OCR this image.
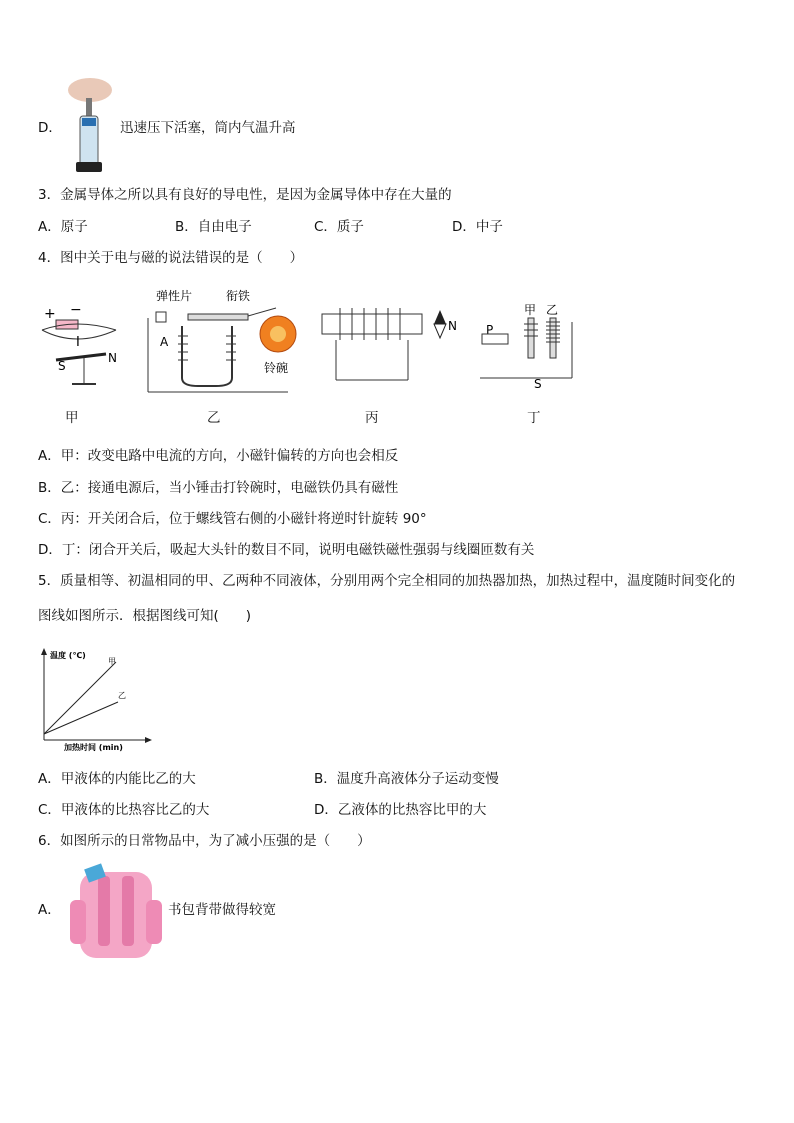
D．	迅速压下活塞，筒内气温升高
3．金属导体之所以具有良好的导电性，是因为金属导体中存在大量的
A．原子	B．自由电子	C．质子	D．中子
4．图中关于电与磁的说法错误的是（　　）
+ −
I
S
N
弹性片	衔铁
A
铃碗
N
甲 乙
P
S
甲	乙	丙	丁
A．甲：改变电路中电流的方向，小磁针偏转的方向也会相反
B．乙：接通电源后，当小锤击打铃碗时，电磁铁仍具有磁性
C．丙：开关闭合后，位于螺线管右侧的小磁针将逆时针旋转 90°
D．丁：闭合开关后，吸起大头针的数目不同，说明电磁铁磁性强弱与线圈匝数有关
5．质量相等、初温相同的甲、乙两种不同液体，分别用两个完全相同的加热器加热，加热过程中，温度随时间变化的
图线如图所示．根据图线可知(　　)
温度 (℃)
加热时间 (min)
甲
乙
A．甲液体的内能比乙的大	B．温度升高液体分子运动变慢
C．甲液体的比热容比乙的大	D．乙液体的比热容比甲的大
6．如图所示的日常物品中，为了减小压强的是（　　）
A．	书包背带做得较宽
